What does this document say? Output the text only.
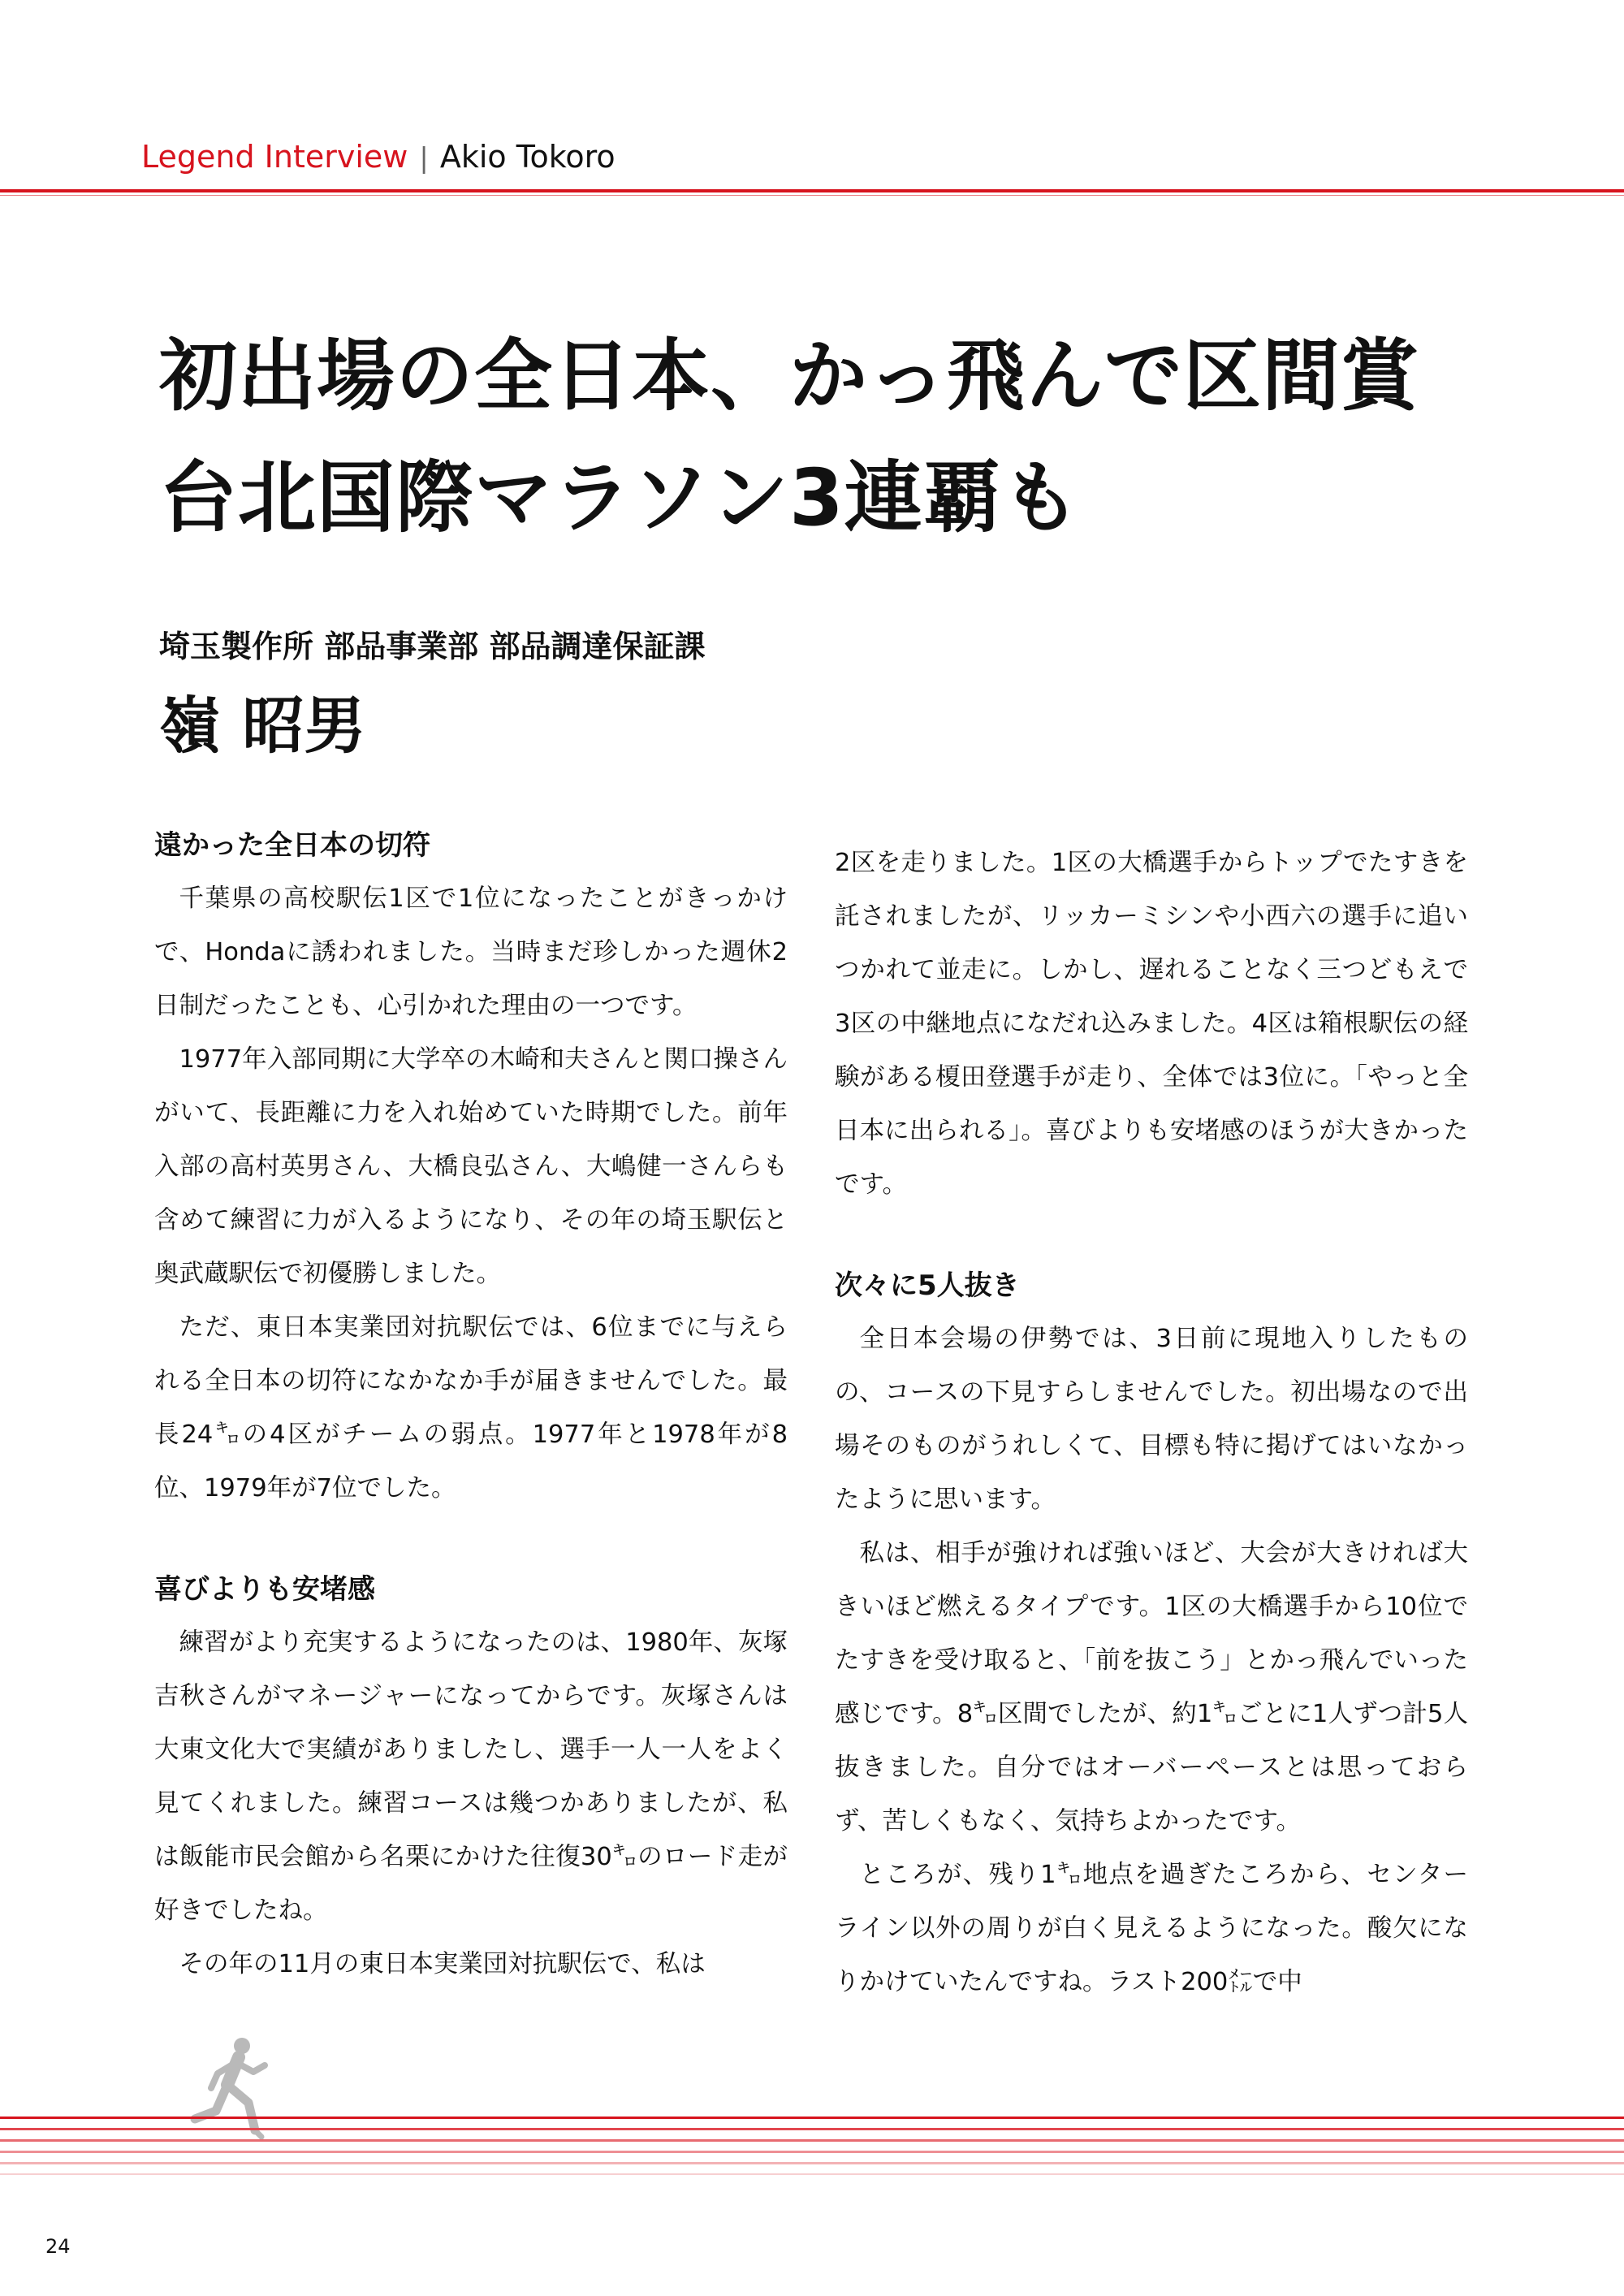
Legend Interview | Akio Tokoro
初出場の全日本、かっ飛んで区間賞
台北国際マラソン3連覇も
埼玉製作所 部品事業部 部品調達保証課
嶺 昭男
遠かった全日本の切符

千葉県の高校駅伝1区で1位になったことがきっかけで、Hondaに誘われました。当時まだ珍しかった週休2日制だったことも、心引かれた理由の一つです。

1977年入部同期に大学卒の木崎和夫さんと関口操さんがいて、長距離に力を入れ始めていた時期でした。前年入部の高村英男さん、大橋良弘さん、大嶋健一さんらも含めて練習に力が入るようになり、その年の埼玉駅伝と奥武蔵駅伝で初優勝しました。

ただ、東日本実業団対抗駅伝では、6位までに与えられる全日本の切符になかなか手が届きませんでした。最長24㌔の4区がチームの弱点。1977年と1978年が8位、1979年が7位でした。

喜びよりも安堵感

練習がより充実するようになったのは、1980年、灰塚吉秋さんがマネージャーになってからです。灰塚さんは大東文化大で実績がありましたし、選手一人一人をよく見てくれました。練習コースは幾つかありましたが、私は飯能市民会館から名栗にかけた往復30㌔のロード走が好きでしたね。

その年の11月の東日本実業団対抗駅伝で、私は

2区を走りました。1区の大橋選手からトップでたすきを託されましたが、リッカーミシンや小西六の選手に追いつかれて並走に。しかし、遅れることなく三つどもえで3区の中継地点になだれ込みました。4区は箱根駅伝の経験がある榎田登選手が走り、全体では3位に。「やっと全日本に出られる」。喜びよりも安堵感のほうが大きかったです。

次々に5人抜き

全日本会場の伊勢では、3日前に現地入りしたものの、コースの下見すらしませんでした。初出場なので出場そのものがうれしくて、目標も特に掲げてはいなかったように思います。

私は、相手が強ければ強いほど、大会が大きければ大きいほど燃えるタイプです。1区の大橋選手から10位でたすきを受け取ると、「前を抜こう」とかっ飛んでいった感じです。8㌔区間でしたが、約1㌔ごとに1人ずつ計5人抜きました。自分ではオーバーペースとは思っておらず、苦しくもなく、気持ちよかったです。

ところが、残り1㌔地点を過ぎたころから、センターライン以外の周りが白く見えるようになった。酸欠になりかけていたんですね。ラスト200㍍で中

24
